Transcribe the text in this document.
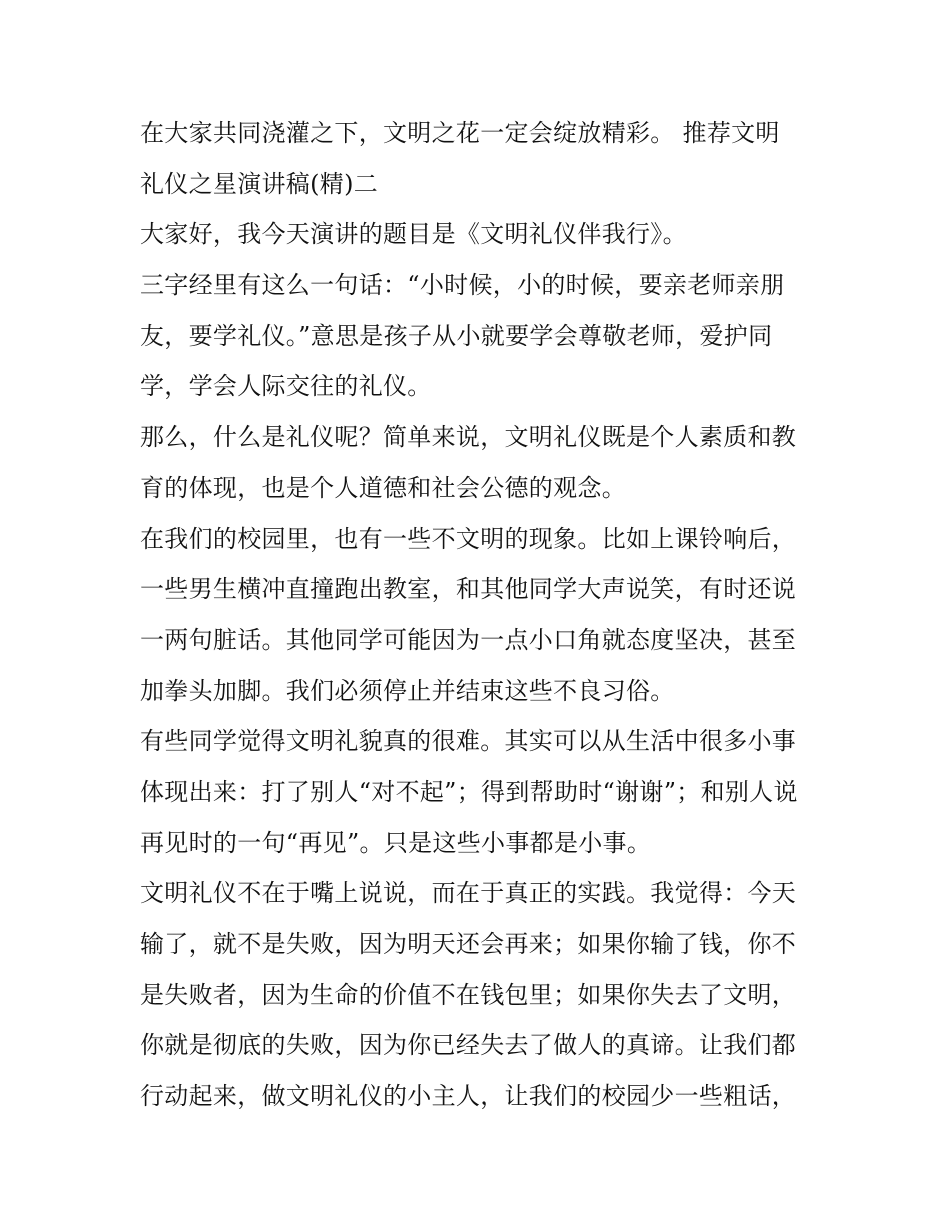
在大家共同浇灌之下，文明之花一定会绽放精彩。 推荐文明
礼仪之星演讲稿(精)二
大家好，我今天演讲的题目是《文明礼仪伴我行》。
三字经里有这么一句话：“小时候，小的时候，要亲老师亲朋
友，要学礼仪。”意思是孩子从小就要学会尊敬老师，爱护同
学，学会人际交往的礼仪。
那么，什么是礼仪呢？简单来说，文明礼仪既是个人素质和教
育的体现，也是个人道德和社会公德的观念。
在我们的校园里，也有一些不文明的现象。比如上课铃响后，
一些男生横冲直撞跑出教室，和其他同学大声说笑，有时还说
一两句脏话。其他同学可能因为一点小口角就态度坚决，甚至
加拳头加脚。我们必须停止并结束这些不良习俗。
有些同学觉得文明礼貌真的很难。其实可以从生活中很多小事
体现出来：打了别人“对不起”；得到帮助时“谢谢”；和别人说
再见时的一句“再见”。只是这些小事都是小事。
文明礼仪不在于嘴上说说，而在于真正的实践。我觉得：今天
输了，就不是失败，因为明天还会再来；如果你输了钱，你不
是失败者，因为生命的价值不在钱包里；如果你失去了文明，
你就是彻底的失败，因为你已经失去了做人的真谛。让我们都
行动起来，做文明礼仪的小主人，让我们的校园少一些粗话，
